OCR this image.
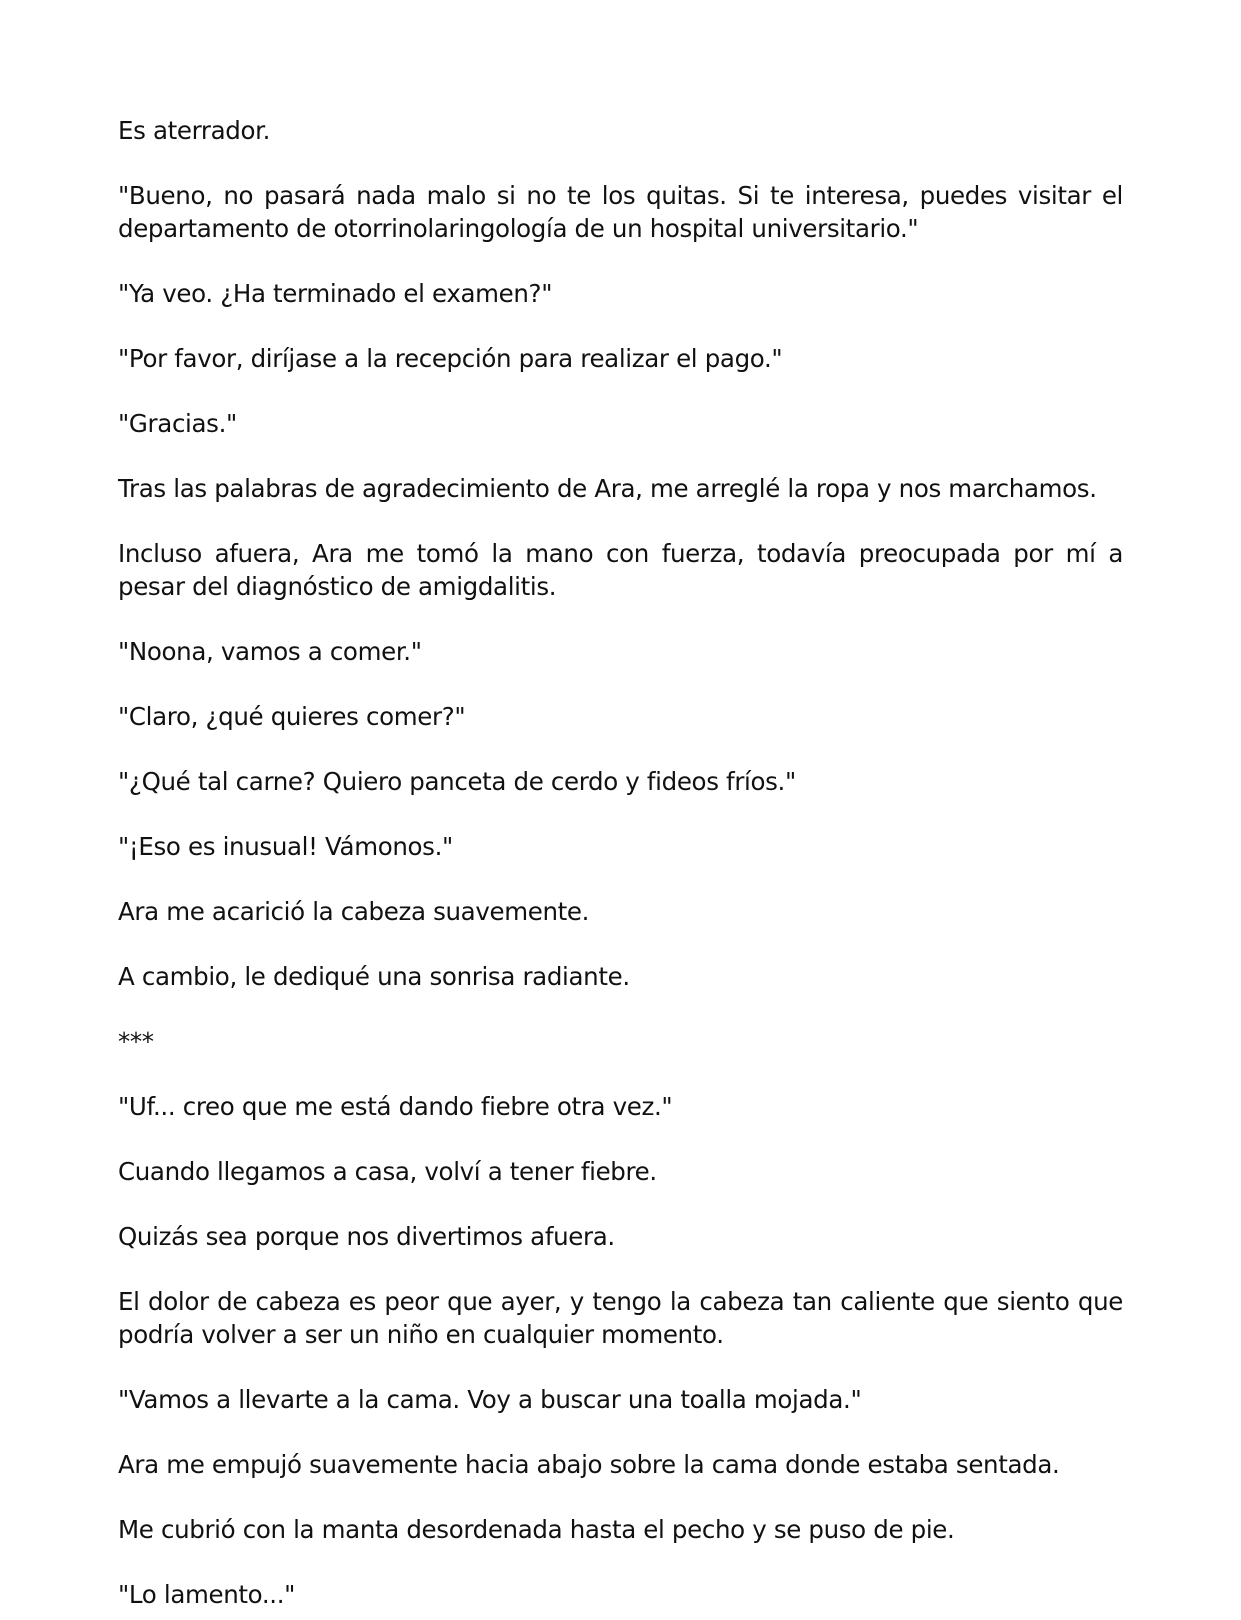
Es aterrador.

"Bueno, no pasará nada malo si no te los quitas. Si te interesa, puedes visitar el departamento de otorrinolaringología de un hospital universitario."

"Ya veo. ¿Ha terminado el examen?"

"Por favor, diríjase a la recepción para realizar el pago."

"Gracias."

Tras las palabras de agradecimiento de Ara, me arreglé la ropa y nos marchamos.

Incluso afuera, Ara me tomó la mano con fuerza, todavía preocupada por mí a pesar del diagnóstico de amigdalitis.

"Noona, vamos a comer."

"Claro, ¿qué quieres comer?"

"¿Qué tal carne? Quiero panceta de cerdo y fideos fríos."

"¡Eso es inusual! Vámonos."

Ara me acarició la cabeza suavemente.

A cambio, le dediqué una sonrisa radiante.

***

"Uf... creo que me está dando fiebre otra vez."

Cuando llegamos a casa, volví a tener fiebre.

Quizás sea porque nos divertimos afuera.

El dolor de cabeza es peor que ayer, y tengo la cabeza tan caliente que siento que podría volver a ser un niño en cualquier momento.

"Vamos a llevarte a la cama. Voy a buscar una toalla mojada."

Ara me empujó suavemente hacia abajo sobre la cama donde estaba sentada.

Me cubrió con la manta desordenada hasta el pecho y se puso de pie.

"Lo lamento..."
